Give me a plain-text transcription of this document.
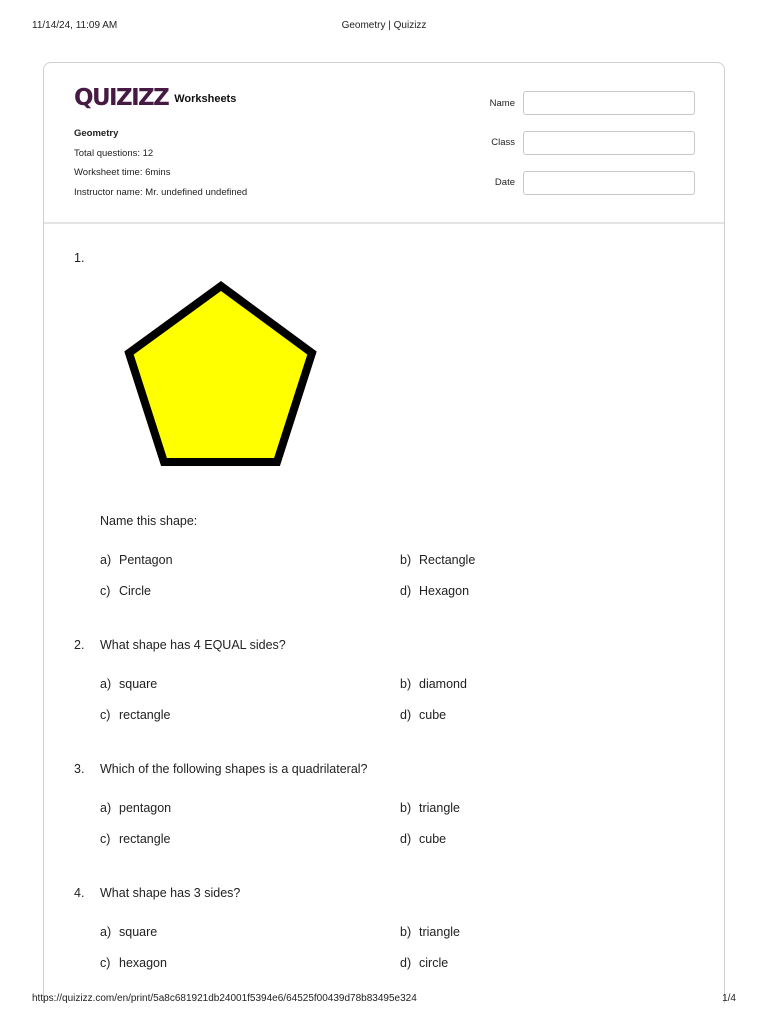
11/14/24, 11:09 AM	Geometry | Quizizz
QUIZIZZ Worksheets
Geometry
Total questions: 12
Worksheet time: 6mins
Instructor name: Mr. undefined undefined
Name
Class
Date
1.
Name this shape:
a) Pentagon	b) Rectangle
c) Circle	d) Hexagon
2. What shape has 4 EQUAL sides?
a) square	b) diamond
c) rectangle	d) cube
3. Which of the following shapes is a quadrilateral?
a) pentagon	b) triangle
c) rectangle	d) cube
4. What shape has 3 sides?
a) square	b) triangle
c) hexagon	d) circle
https://quizizz.com/en/print/5a8c681921db24001f5394e6/64525f00439d78b83495e324	1/4
